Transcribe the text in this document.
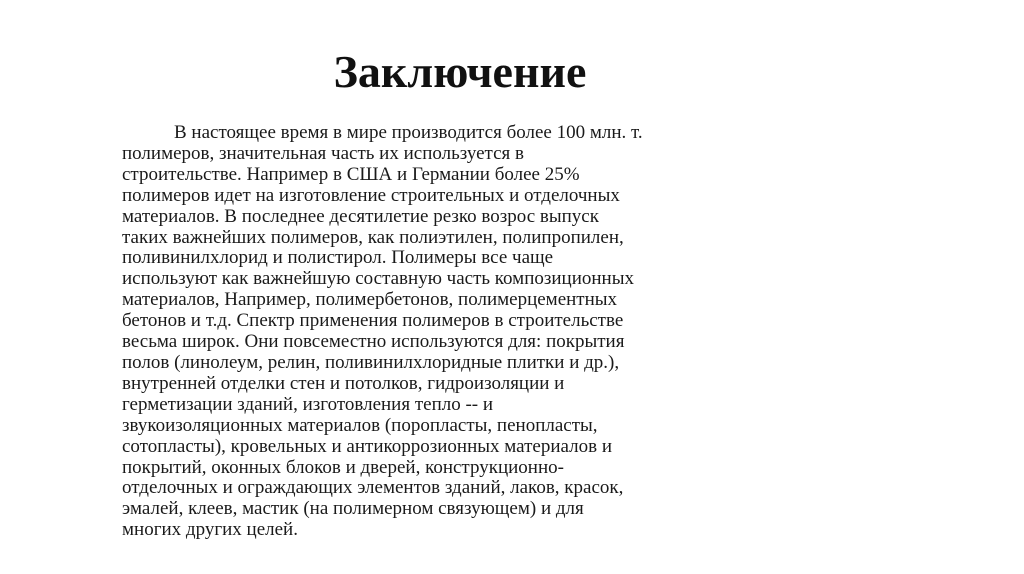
Заключение
В настоящее время в мире производится более 100 млн. т.
полимеров, значительная часть их используется в
строительстве. Например в США и Германии более 25%
полимеров идет на изготовление строительных и отделочных
материалов. В последнее десятилетие резко возрос выпуск
таких важнейших полимеров, как полиэтилен, полипропилен,
поливинилхлорид и полистирол. Полимеры все чаще
используют как важнейшую составную часть композиционных
материалов, Например, полимербетонов, полимерцементных
бетонов и т.д. Спектр применения полимеров в строительстве
весьма широк. Они повсеместно используются для: покрытия
полов (линолеум, релин, поливинилхлоридные плитки и др.),
внутренней отделки стен и потолков, гидроизоляции и
герметизации зданий, изготовления тепло -- и
звукоизоляционных материалов (поропласты, пенопласты,
сотопласты), кровельных и антикоррозионных материалов и
покрытий, оконных блоков и дверей, конструкционно-
отделочных и ограждающих элементов зданий, лаков, красок,
эмалей, клеев, мастик (на полимерном связующем) и для
многих других целей.
